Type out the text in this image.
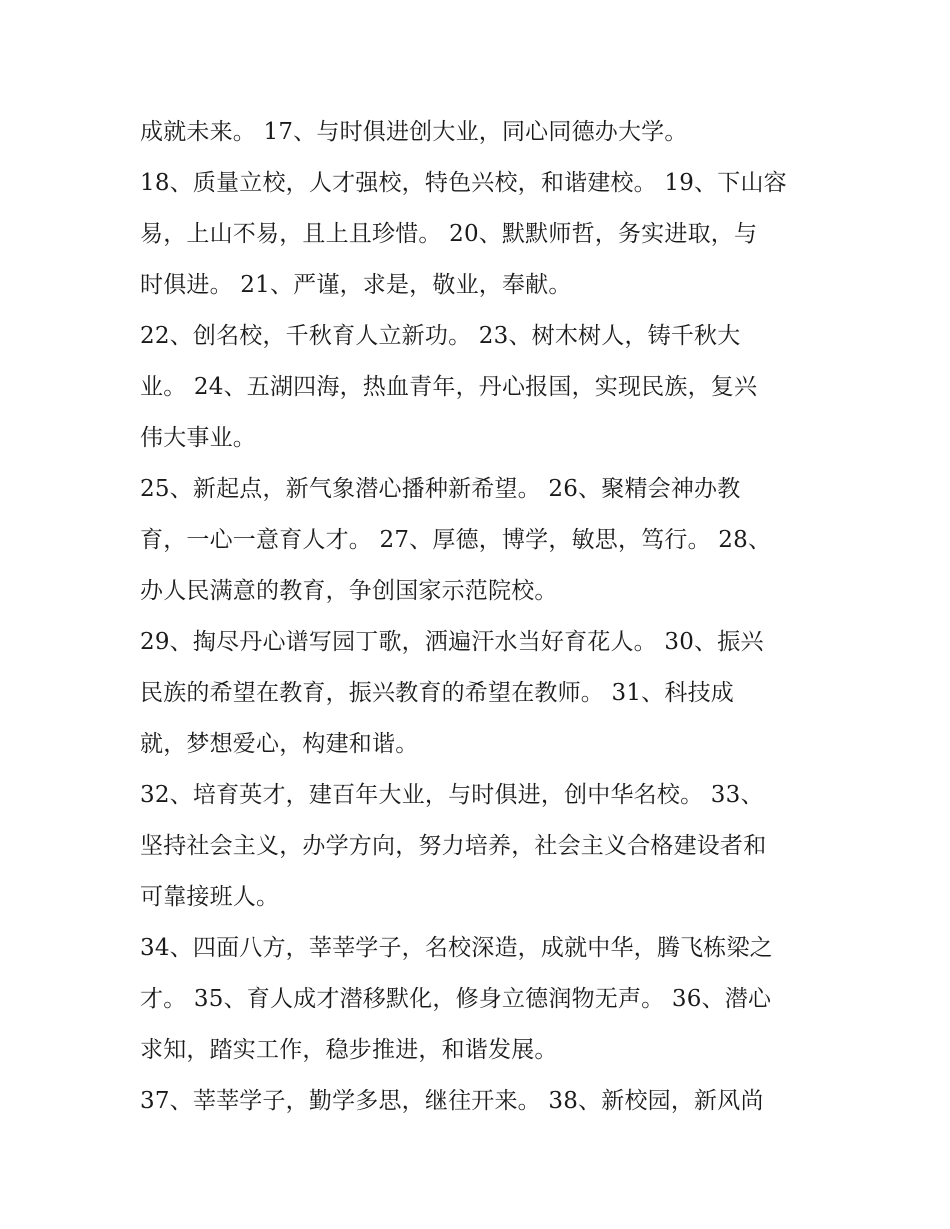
成就未来。 17、与时俱进创大业，同心同德办大学。
18、质量立校，人才强校，特色兴校，和谐建校。 19、下山容
易，上山不易，且上且珍惜。 20、默默师哲，务实进取，与
时俱进。 21、严谨，求是，敬业，奉献。
22、创名校，千秋育人立新功。 23、树木树人，铸千秋大
业。 24、五湖四海，热血青年，丹心报国，实现民族，复兴
伟大事业。
25、新起点，新气象潜心播种新希望。 26、聚精会神办教
育，一心一意育人才。 27、厚德，博学，敏思，笃行。 28、
办人民满意的教育，争创国家示范院校。
29、掏尽丹心谱写园丁歌，洒遍汗水当好育花人。 30、振兴
民族的希望在教育，振兴教育的希望在教师。 31、科技成
就，梦想爱心，构建和谐。
32、培育英才，建百年大业，与时俱进，创中华名校。 33、
坚持社会主义，办学方向，努力培养，社会主义合格建设者和
可靠接班人。
34、四面八方，莘莘学子，名校深造，成就中华，腾飞栋梁之
才。 35、育人成才潜移默化，修身立德润物无声。 36、潜心
求知，踏实工作，稳步推进，和谐发展。
37、莘莘学子，勤学多思，继往开来。 38、新校园，新风尚
